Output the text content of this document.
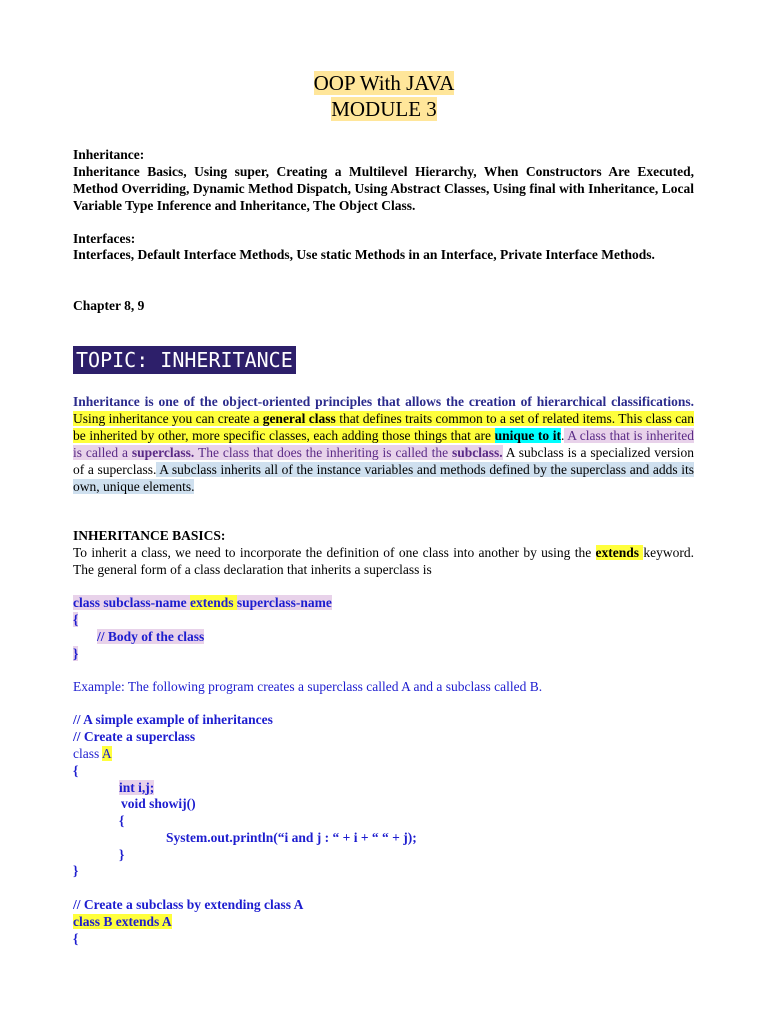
OOP With JAVA
MODULE 3
Inheritance:
Inheritance Basics, Using super, Creating a Multilevel Hierarchy, When Constructors Are Executed, Method Overriding, Dynamic Method Dispatch, Using Abstract Classes, Using final with Inheritance, Local Variable Type Inference and Inheritance, The Object Class.
Interfaces:
Interfaces, Default Interface Methods, Use static Methods in an Interface, Private Interface Methods.
Chapter 8, 9
TOPIC: INHERITANCE
Inheritance is one of the object-oriented principles that allows the creation of hierarchical classifications. Using inheritance you can create a general class that defines traits common to a set of related items. This class can be inherited by other, more specific classes, each adding those things that are unique to it. A class that is inherited is called a superclass. The class that does the inheriting is called the subclass. A subclass is a specialized version of a superclass. A subclass inherits all of the instance variables and methods defined by the superclass and adds its own, unique elements.
INHERITANCE BASICS:
To inherit a class, we need to incorporate the definition of one class into another by using the extends keyword. The general form of a class declaration that inherits a superclass is
class subclass-name extends superclass-name
{
// Body of the class
}
Example: The following program creates a superclass called A and a subclass called B.
// A simple example of inheritances
// Create a superclass
class A
{
int i,j;
void showij()
{
System.out.println(“i and j : “ + i + “ “ + j);
}
}
// Create a subclass by extending class A
class B extends A
{
